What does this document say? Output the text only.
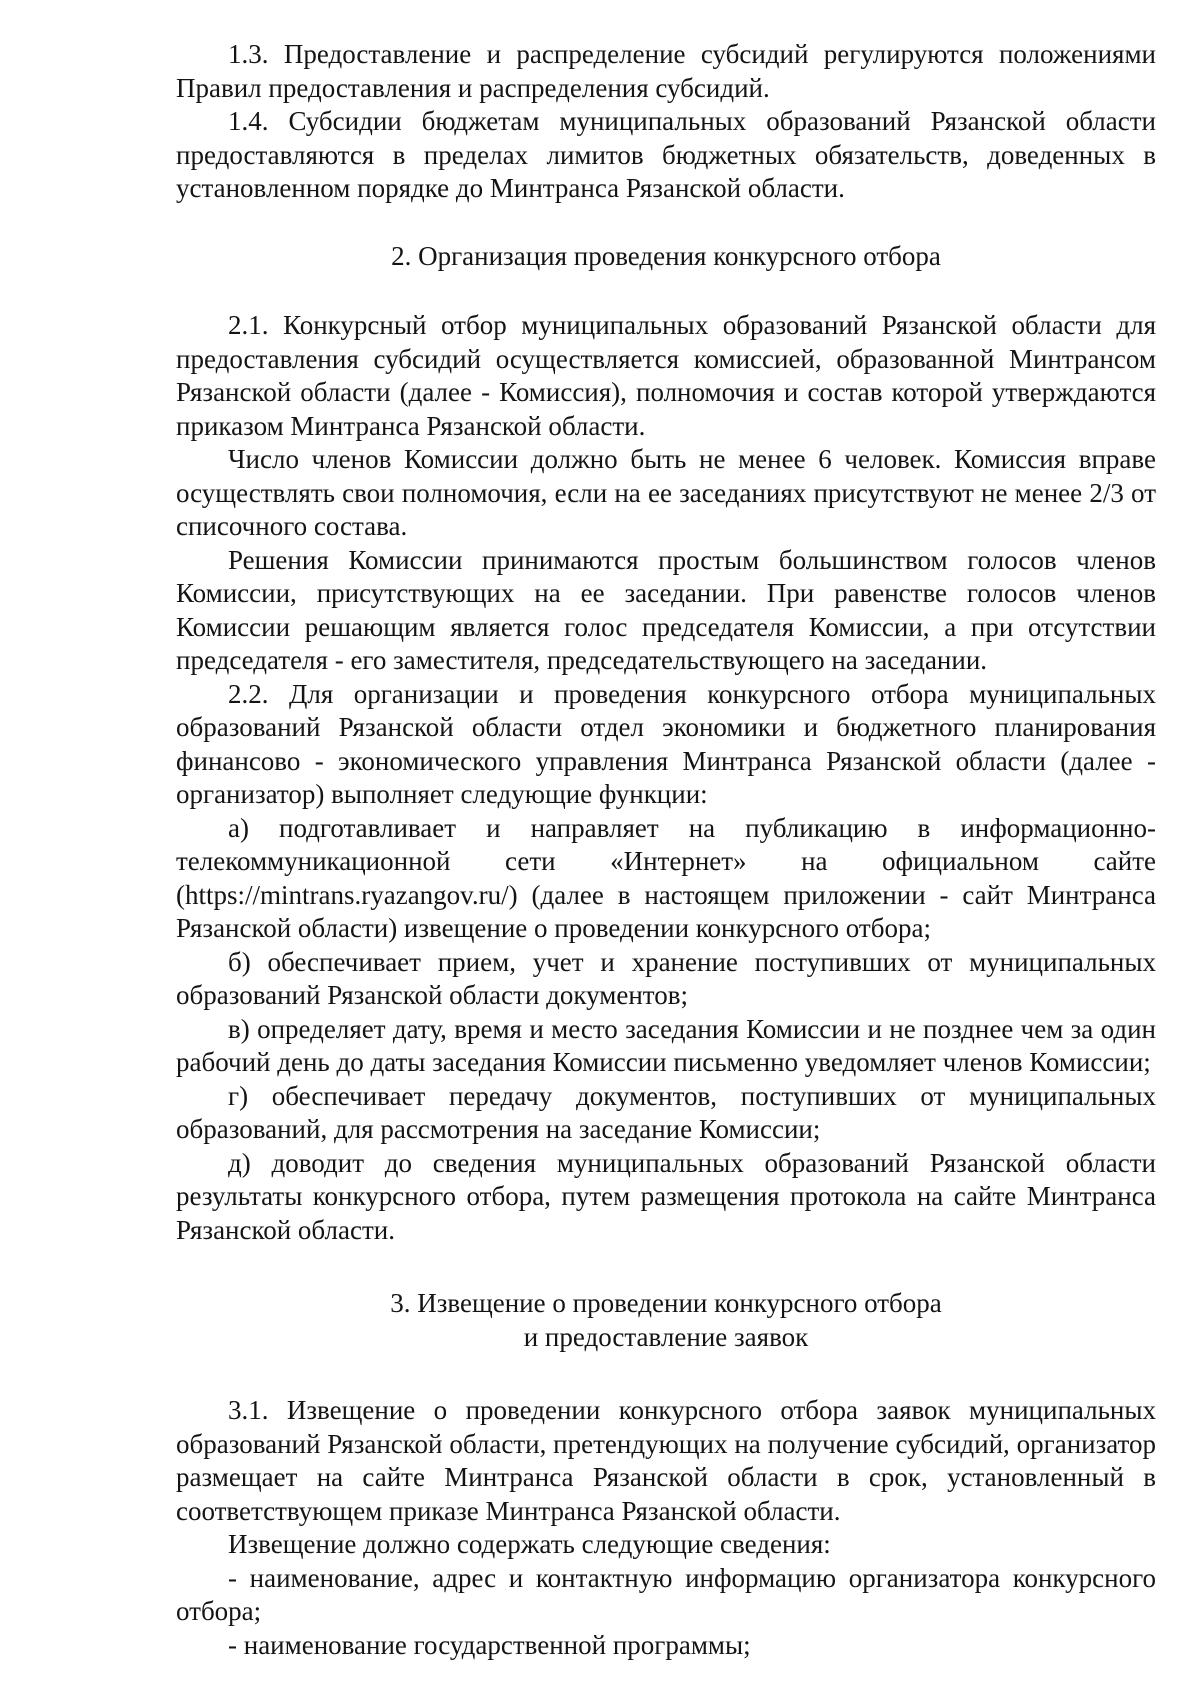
1.3. Предоставление и распределение субсидий регулируются положениями Правил предоставления и распределения субсидий.

1.4. Субсидии бюджетам муниципальных образований Рязанской области предоставляются в пределах лимитов бюджетных обязательств, доведенных в установленном порядке до Минтранса Рязанской области.

2. Организация проведения конкурсного отбора

2.1. Конкурсный отбор муниципальных образований Рязанской области для предоставления субсидий осуществляется комиссией, образованной Минтрансом Рязанской области (далее - Комиссия), полномочия и состав которой утверждаются приказом Минтранса Рязанской области.

Число членов Комиссии должно быть не менее 6 человек. Комиссия вправе осуществлять свои полномочия, если на ее заседаниях присутствуют не менее 2/3 от списочного состава.

Решения Комиссии принимаются простым большинством голосов членов Комиссии, присутствующих на ее заседании. При равенстве голосов членов Комиссии решающим является голос председателя Комиссии, а при отсутствии председателя - его заместителя, председательствующего на заседании.

2.2. Для организации и проведения конкурсного отбора муниципальных образований Рязанской области отдел экономики и бюджетного планирования финансово - экономического управления Минтранса Рязанской области (далее - организатор) выполняет следующие функции:

а) подготавливает и направляет на публикацию в информационно-телекоммуникационной сети «Интернет» на официальном сайте (https://mintrans.ryazangov.ru/) (далее в настоящем приложении - сайт Минтранса Рязанской области) извещение о проведении конкурсного отбора;

б) обеспечивает прием, учет и хранение поступивших от муниципальных образований Рязанской области документов;

в) определяет дату, время и место заседания Комиссии и не позднее чем за один рабочий день до даты заседания Комиссии письменно уведомляет членов Комиссии;

г) обеспечивает передачу документов, поступивших от муниципальных образований, для рассмотрения на заседание Комиссии;

д) доводит до сведения муниципальных образований Рязанской области результаты конкурсного отбора, путем размещения протокола на сайте Минтранса Рязанской области.

3. Извещение о проведении конкурсного отбора

и предоставление заявок

3.1. Извещение о проведении конкурсного отбора заявок муниципальных образований Рязанской области, претендующих на получение субсидий, организатор размещает на сайте Минтранса Рязанской области в срок, установленный в соответствующем приказе Минтранса Рязанской области.

Извещение должно содержать следующие сведения:

- наименование, адрес и контактную информацию организатора конкурсного отбора;

- наименование государственной программы;
